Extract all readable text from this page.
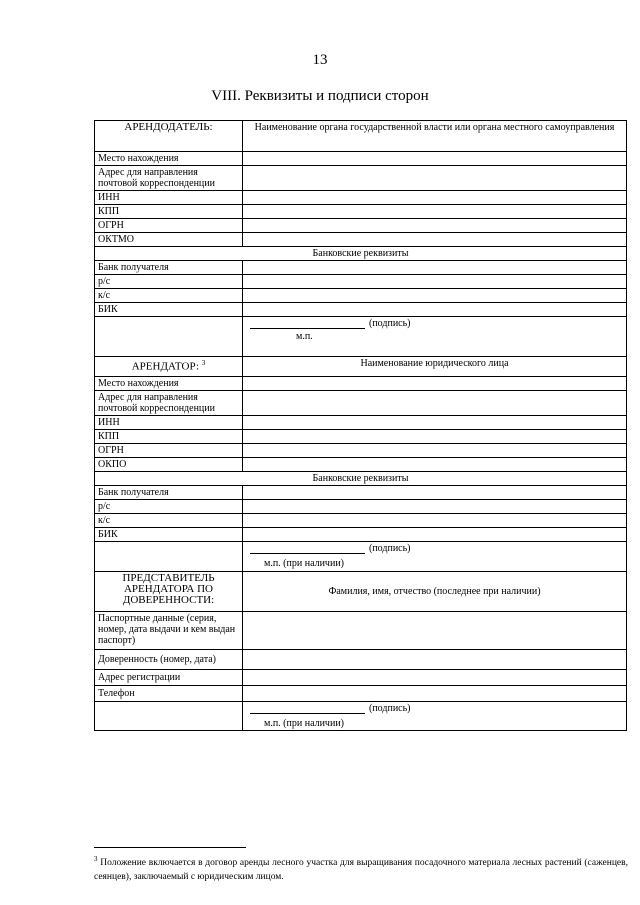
13
VIII. Реквизиты и подписи сторон
АРЕНДОДАТЕЛЬ:	Наименование органа государственной власти или органа местного самоуправления
Место нахождения	
Адрес для направления почтовой корреспонденции	
ИНН	
КПП	
ОГРН	
ОКТМО	
Банковские реквизиты	
Банк получателя	
р/с	
к/с	
БИК	
	(подпись)
м.п.

АРЕНДАТОР: $^3$	Наименование юридического лица
Место нахождения	
Адрес для направления почтовой корреспонденции	
ИНН	
КПП	
ОГРН	
ОКПО	
Банковские реквизиты	
Банк получателя	
р/с	
к/с	
БИК	
	(подпись)
м.п. (при наличии)

ПРЕДСТАВИТЕЛЬ АРЕНДАТОРА ПО ДОВЕРЕННОСТИ:	Фамилия, имя, отчество (последнее при наличии)
Паспортные данные (серия, номер, дата выдачи и кем выдан паспорт)	
Доверенность (номер, дата)	
Адрес регистрации	
Телефон	
	(подпись)
м.п. (при наличии)
$^3$ Положение включается в договор аренды лесного участка для выращивания посадочного материала лесных растений (саженцев, сеянцев), заключаемый с юридическим лицом.
